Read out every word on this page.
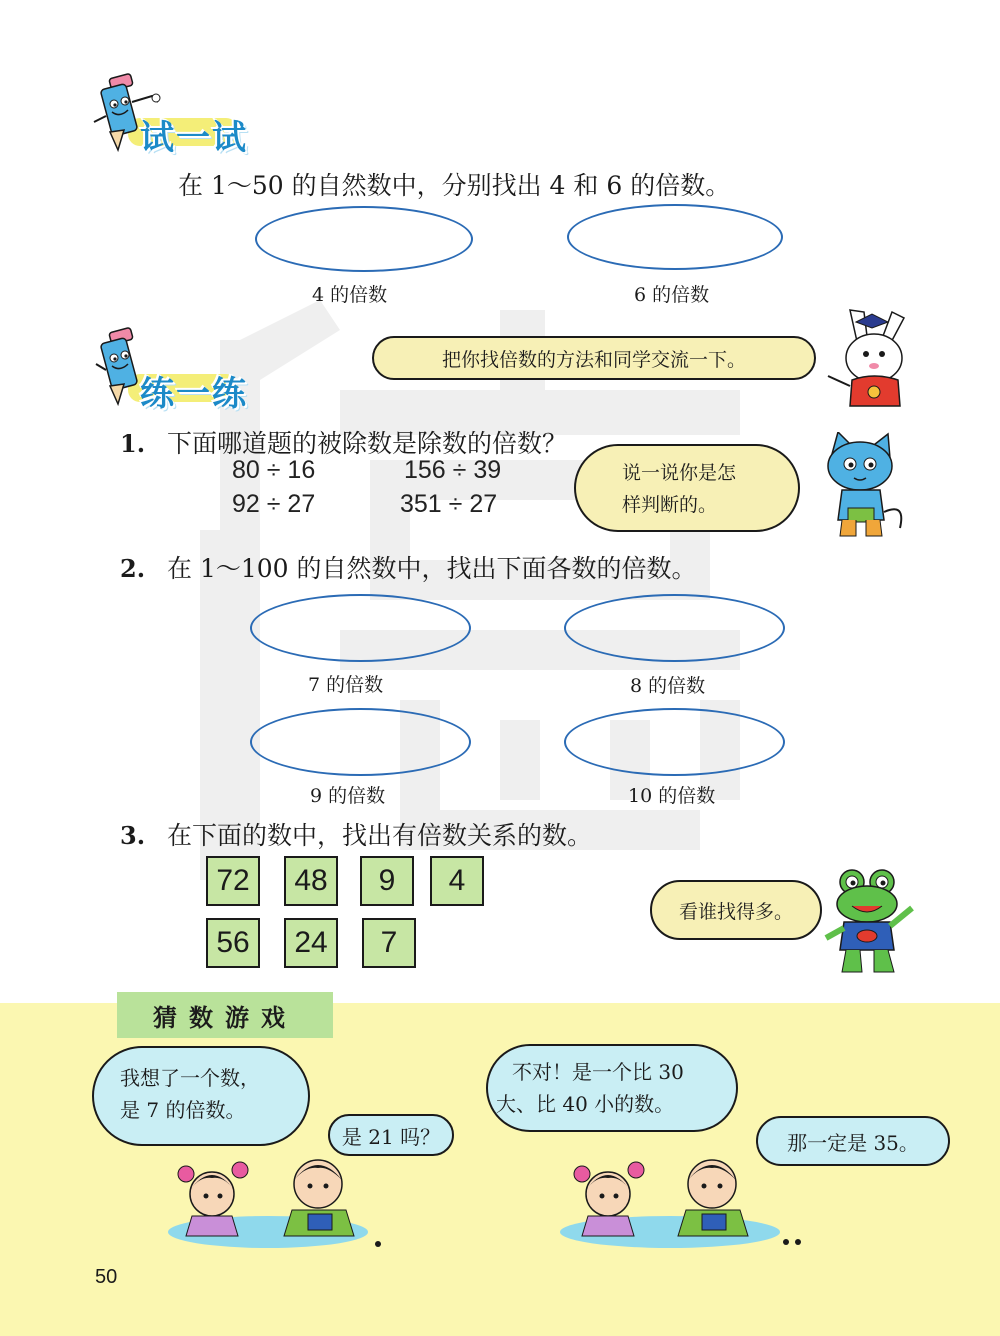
试一试
在 1～50 的自然数中，分别找出 4 和 6 的倍数。
4 的倍数	6 的倍数
练一练
把你找倍数的方法和同学交流一下。
1. 下面哪道题的被除数是除数的倍数？
80 ÷ 16	156 ÷ 39
92 ÷ 27	351 ÷ 27
说一说你是怎
样判断的。
2. 在 1～100 的自然数中，找出下面各数的倍数。
7 的倍数	8 的倍数
9 的倍数	10 的倍数
3. 在下面的数中，找出有倍数关系的数。
72	48	9	4
56	24	7
看谁找得多。
猜数游戏
我想了一个数，
是 7 的倍数。
是 21 吗？
不对！是一个比 30
大、比 40 小的数。
那一定是 35。
50
